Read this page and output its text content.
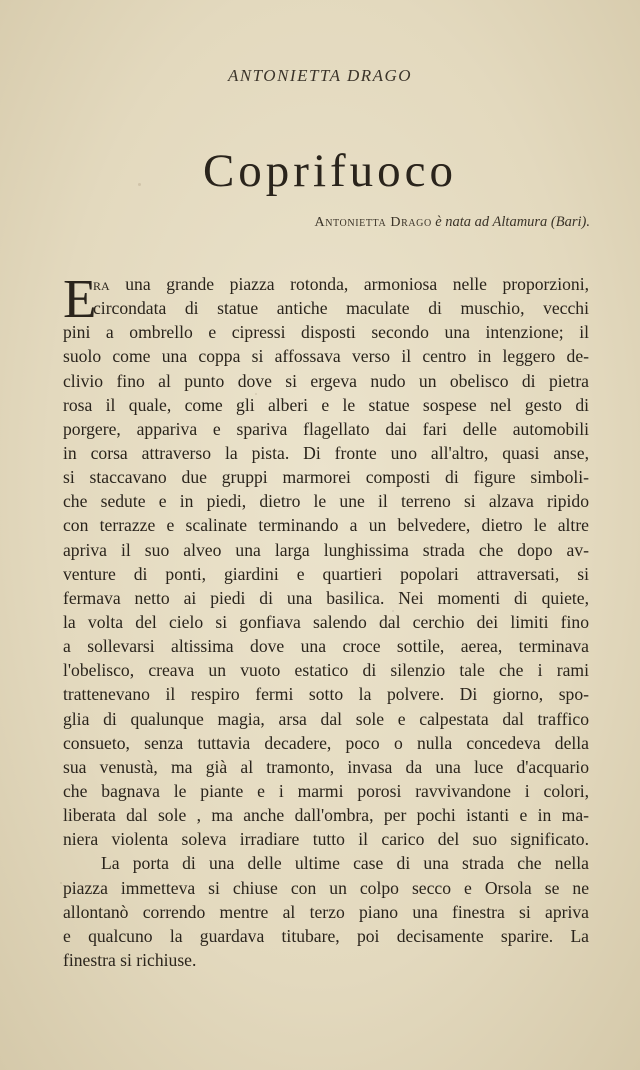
ANTONIETTA DRAGO
Coprifuoco
Antonietta Drago è nata ad Altamura (Bari).
E
ra una grande piazza rotonda, armoniosa nelle proporzioni,
circondata di statue antiche maculate di muschio, vecchi
pini a ombrello e cipressi disposti secondo una intenzione; il
suolo come una coppa si affossava verso il centro in leggero de-
clivio fino al punto dove si ergeva nudo un obelisco di pietra
rosa il quale, come gli alberi e le statue sospese nel gesto di
porgere, appariva e spariva flagellato dai fari delle automobili
in corsa attraverso la pista. Di fronte uno all'altro, quasi anse,
si staccavano due gruppi marmorei composti di figure simboli-
che sedute e in piedi, dietro le une il terreno si alzava ripido
con terrazze e scalinate terminando a un belvedere, dietro le altre
apriva il suo alveo una larga lunghissima strada che dopo av-
venture di ponti, giardini e quartieri popolari attraversati, si
fermava netto ai piedi di una basilica. Nei momenti di quiete,
la volta del cielo si gonfiava salendo dal cerchio dei limiti fino
a sollevarsi altissima dove una croce sottile, aerea, terminava
l'obelisco, creava un vuoto estatico di silenzio tale che i rami
trattenevano il respiro fermi sotto la polvere. Di giorno, spo-
glia di qualunque magia, arsa dal sole e calpestata dal traffico
consueto, senza tuttavia decadere, poco o nulla concedeva della
sua venustà, ma già al tramonto, invasa da una luce d'acquario
che bagnava le piante e i marmi porosi ravvivandone i colori,
liberata dal sole , ma anche dall'ombra, per pochi istanti e in ma-
niera violenta soleva irradiare tutto il carico del suo significato.
La porta di una delle ultime case di una strada che nella
piazza immetteva si chiuse con un colpo secco e Orsola se ne
allontanò correndo mentre al terzo piano una finestra si apriva
e qualcuno la guardava titubare, poi decisamente sparire. La
finestra si richiuse.
